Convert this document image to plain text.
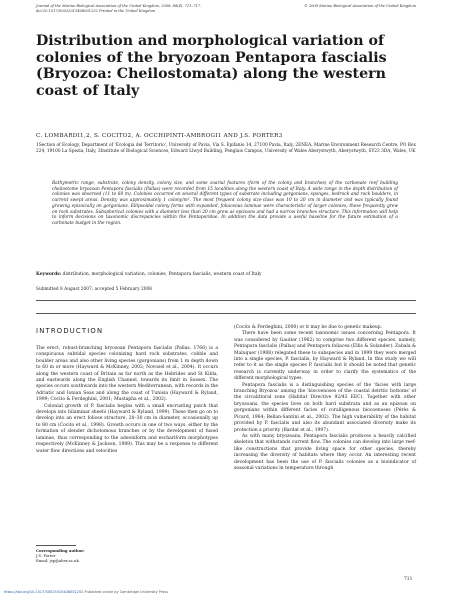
Journal of the Marine Biological Association of the United Kingdom, 2008, 88(4), 711–717.
doi:10.1017/S0025315408001252 Printed in the United Kingdom
© 2008 Marine Biological Association of the United Kingdom
Distribution and morphological variation of colonies of the bryozoan Pentapora fascialis (Bryozoa: Cheilostomata) along the western coast of Italy
C. LOMBARDI1,2, S. COCITO2, A. OCCHIPINTI-AMBROGI1 AND J.S. PORTER3
1Section of Ecology, Department of 'Ecologia del Territorio', University of Pavia, Via S. Epifanio 14, 27100 Pavia, Italy, 2ENEA, Marine Environment Research Centre, PO Box 224, 19100 La Spezia, Italy, 3Institute of Biological Sciences, Edward Llwyd Building, Penglais Campus, University of Wales Aberystwyth, Aberystwyth, SY23 3DA, Wales, UK
Bathymetric range, substrate, colony density, colony size, and some zoarial features (form of the colony and branches) of the carbonate reef building cheilostome bryozoan Pentapora fascialis (Pallas) were recorded from 15 localities along the western coast of Italy. A wide range in the depth distribution of colonies was observed (11 to 60 m). Colonies occurred on several different types of substrate including gorgonians, sponges, bedrock and rock boulders, in current swept areas. Density was approximately 1 colony/m². The most frequent colony size-class was 10 to 20 cm in diameter and was typically found growing epizoically on gorgonians. Ellipsoidal colony forms with expanded, foliaceous laminae were characteristic of larger colonies; these frequently grew on rock substrates. Subspherical colonies with a diameter less than 20 cm grew as epizoans and had a narrow branches structure. This information will help to inform decisions on taxonomic discrepancies within the Pentaporidae. In addition the data provide a useful baseline for the future estimation of a carbonate budget in the region.
Keywords: distribution, morphological variation, colonies, Pentapora fascialis, western coast of Italy
Submitted 8 August 2007; accepted 5 February 2008
INTRODUCTION

The erect, robust-branching bryozoan Pentapora fascialis (Pallas, 1766) is a conspicuous subtidal species colonizing hard rock substrates, cobble and boulder areas and also other living species (gorgonians) from 1 m depth down to 60 m or more (Hayward & McKinney, 2002; Novosel et al., 2004). It occurs along the western coast of Britain as far north as the Hebrides and St Kilda, and eastwards along the English Channel, towards its limit in Sussex. The species occurs southwards into the western Mediterranean, with records in the Adriatic and Ionian Seas and along the coast of Tunisia (Hayward & Ryland, 1999; Cocito & Ferdeghini, 2001; Mustapha et al., 2002).

Colonial growth of P. fascialis begins with a small encrusting patch that develops into bilaminar sheets (Hayward & Ryland, 1999). These then go on to develop into an erect foliose structure, 20–30 cm in diameter, occasionally up to 80 cm (Cocito et al., 1998). Growth occurs in one of two ways, either by the formation of slender dichotomous branches or by the development of fused laminae, thus corresponding to the adeoniform and eschariform morphotypes respectively (McKinney & Jackson, 1989). This may be a response to different water flow directions and velocities

(Cocito & Ferdeghini, 2000) or it may be due to genetic makeup.

There have been some recent taxonomic issues concerning Pentapora. It was considered by Gautier (1962) to comprise two different species, namely, Pentapora fascialis (Pallas) and Pentapora foliacea (Ellis & Solander). Zabala & Maluquer (1988) relegated these to subspecies and in 1999 they were merged into a single species, P. fascialis, by Hayward & Ryland. In this study we will refer to it as the single species P. fascialis but it should be noted that genetic research is currently underway in order to clarify the systematics of the different morphological types.

Pentapora fascialis is a distinguishing species of the 'facies with large branching Bryozoa' among the 'biocoenoses of the coastal detritic bottoms' of the circalittoral zone (Habitat Directive 92/43 EEC). Together with other bryozoans, the species lives on both hard substrata and as an epizoan on gorgonians within different facies of coralligenous biocoenoses (Pérès & Picard, 1964; Bellan-Santini et al., 2002). The high vulnerability of the habitat provided by P. fascialis and also its abundant associated diversity make its protection a priority (Bardat et al., 1997).

As with many bryozoans, Pentapora fascialis produces a heavily calcified skeleton that withstands current flow. The colonies can develop into large reef-like constructions that provide living space for other species, thereby increasing the diversity of habitats where they occur. An interesting recent development has been the use of P. fascialis colonies as a bioindicator of seasonal variations in temperature through

Corresponding author:
J.S. Porter
Email: jsp@aber.ac.uk
711
https://doi.org/10.1017/S0025315408001252 Published online by Cambridge University Press
